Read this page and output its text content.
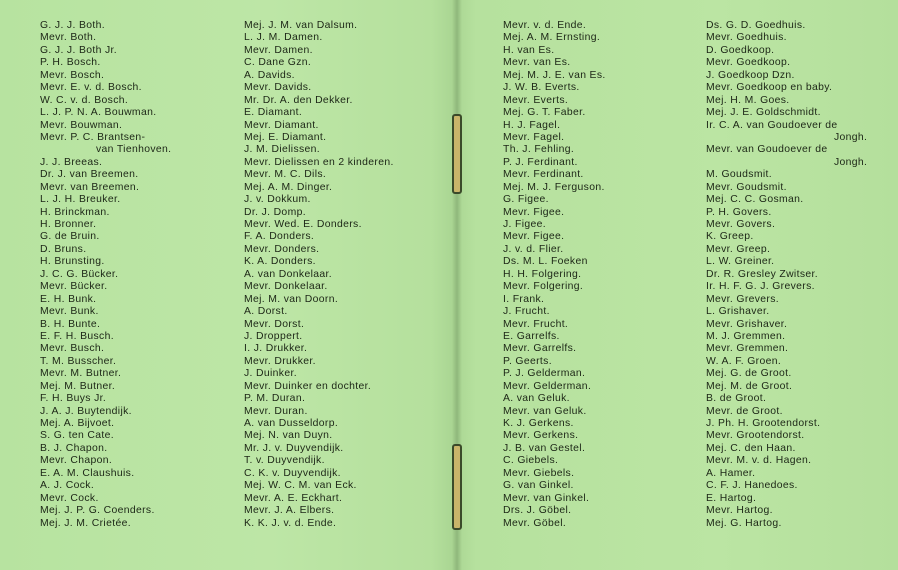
G. J. J. Both.
Mevr. Both.
G. J. J. Both Jr.
P. H. Bosch.
Mevr. Bosch.
Mevr. E. v. d. Bosch.
W. C. v. d. Bosch.
L. J. P. N. A. Bouwman.
Mevr. Bouwman.
Mevr. P. C. Brantsen-
van Tienhoven.
J. J. Breeas.
Dr. J. van Breemen.
Mevr. van Breemen.
L. J. H. Breuker.
H. Brinckman.
H. Bronner.
G. de Bruin.
D. Bruns.
H. Brunsting.
J. C. G. Bücker.
Mevr. Bücker.
E. H. Bunk.
Mevr. Bunk.
B. H. Bunte.
E. F. H. Busch.
Mevr. Busch.
T. M. Busscher.
Mevr. M. Butner.
Mej. M. Butner.
F. H. Buys Jr.
J. A. J. Buytendijk.
Mej. A. Bijvoet.
S. G. ten Cate.
B. J. Chapon.
Mevr. Chapon.
E. A. M. Claushuis.
A. J. Cock.
Mevr. Cock.
Mej. J. P. G. Coenders.
Mej. J. M. Crietée.
Mej. J. M. van Dalsum.
L. J. M. Damen.
Mevr. Damen.
C. Dane Gzn.
A. Davids.
Mevr. Davids.
Mr. Dr. A. den Dekker.
E. Diamant.
Mevr. Diamant.
Mej. E. Diamant.
J. M. Dielissen.
Mevr. Dielissen en 2 kinderen.
Mevr. M. C. Dils.
Mej. A. M. Dinger.
J. v. Dokkum.
Dr. J. Domp.
Mevr. Wed. E. Donders.
F. A. Donders.
Mevr. Donders.
K. A. Donders.
A. van Donkelaar.
Mevr. Donkelaar.
Mej. M. van Doorn.
A. Dorst.
Mevr. Dorst.
J. Droppert.
I. J. Drukker.
Mevr. Drukker.
J. Duinker.
Mevr. Duinker en dochter.
P. M. Duran.
Mevr. Duran.
A. van Dusseldorp.
Mej. N. van Duyn.
Mr. J. v. Duyvendijk.
T. v. Duyvendijk.
C. K. v. Duyvendijk.
Mej. W. C. M. van Eck.
Mevr. A. E. Eckhart.
Mevr. J. A. Elbers.
K. K. J. v. d. Ende.
Mevr. v. d. Ende.
Mej. A. M. Ernsting.
H. van Es.
Mevr. van Es.
Mej. M. J. E. van Es.
J. W. B. Everts.
Mevr. Everts.
Mej. G. T. Faber.
H. J. Fagel.
Mevr. Fagel.
Th. J. Fehling.
P. J. Ferdinant.
Mevr. Ferdinant.
Mej. M. J. Ferguson.
G. Figee.
Mevr. Figee.
J. Figee.
Mevr. Figee.
J. v. d. Flier.
Ds. M. L. Foeken
H. H. Folgering.
Mevr. Folgering.
I. Frank.
J. Frucht.
Mevr. Frucht.
E. Garrelfs.
Mevr. Garrelfs.
P. Geerts.
P. J. Gelderman.
Mevr. Gelderman.
A. van Geluk.
Mevr. van Geluk.
K. J. Gerkens.
Mevr. Gerkens.
J. B. van Gestel.
C. Giebels.
Mevr. Giebels.
G. van Ginkel.
Mevr. van Ginkel.
Drs. J. Göbel.
Mevr. Göbel.
Ds. G. D. Goedhuis.
Mevr. Goedhuis.
D. Goedkoop.
Mevr. Goedkoop.
J. Goedkoop Dzn.
Mevr. Goedkoop en baby.
Mej. H. M. Goes.
Mej. J. E. Goldschmidt.
Ir. C. A. van Goudoever de
Jongh.
Mevr. van Goudoever de
Jongh.
M. Goudsmit.
Mevr. Goudsmit.
Mej. C. C. Gosman.
P. H. Govers.
Mevr. Govers.
K. Greep.
Mevr. Greep.
L. W. Greiner.
Dr. R. Gresley Zwitser.
Ir. H. F. G. J. Grevers.
Mevr. Grevers.
L. Grishaver.
Mevr. Grishaver.
M. J. Gremmen.
Mevr. Gremmen.
W. A. F. Groen.
Mej. G. de Groot.
Mej. M. de Groot.
B. de Groot.
Mevr. de Groot.
J. Ph. H. Grootendorst.
Mevr. Grootendorst.
Mej. C. den Haan.
Mevr. M. v. d. Hagen.
A. Hamer.
C. F. J. Hanedoes.
E. Hartog.
Mevr. Hartog.
Mej. G. Hartog.
